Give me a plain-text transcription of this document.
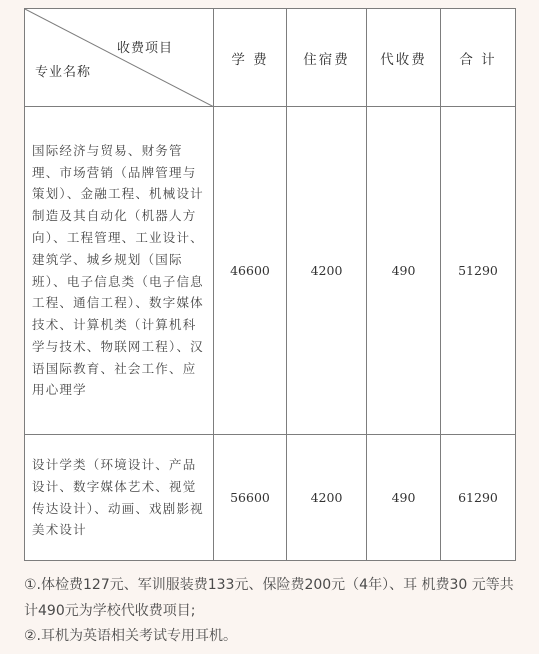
收费项目
专业名称	学 费	住宿费	代收费	合 计
国际经济与贸易、财务管理、市场营销（品牌管理与策划）、金融工程、机械设计制造及其自动化（机器人方向）、工程管理、工业设计、建筑学、城乡规划（国际班）、电子信息类（电子信息工程、通信工程）、数字媒体技术、计算机类（计算机科学与技术、物联网工程）、汉语国际教育、社会工作、应用心理学	46600	4200	490	51290
设计学类（环境设计、产品设计、数字媒体艺术、视觉传达设计）、动画、戏剧影视美术设计	56600	4200	490	61290

①.体检费127元、军训服装费133元、保险费200元（4年）、耳 机费30 元等共计490元为学校代收费项目;

②.耳机为英语相关考试专用耳机。
